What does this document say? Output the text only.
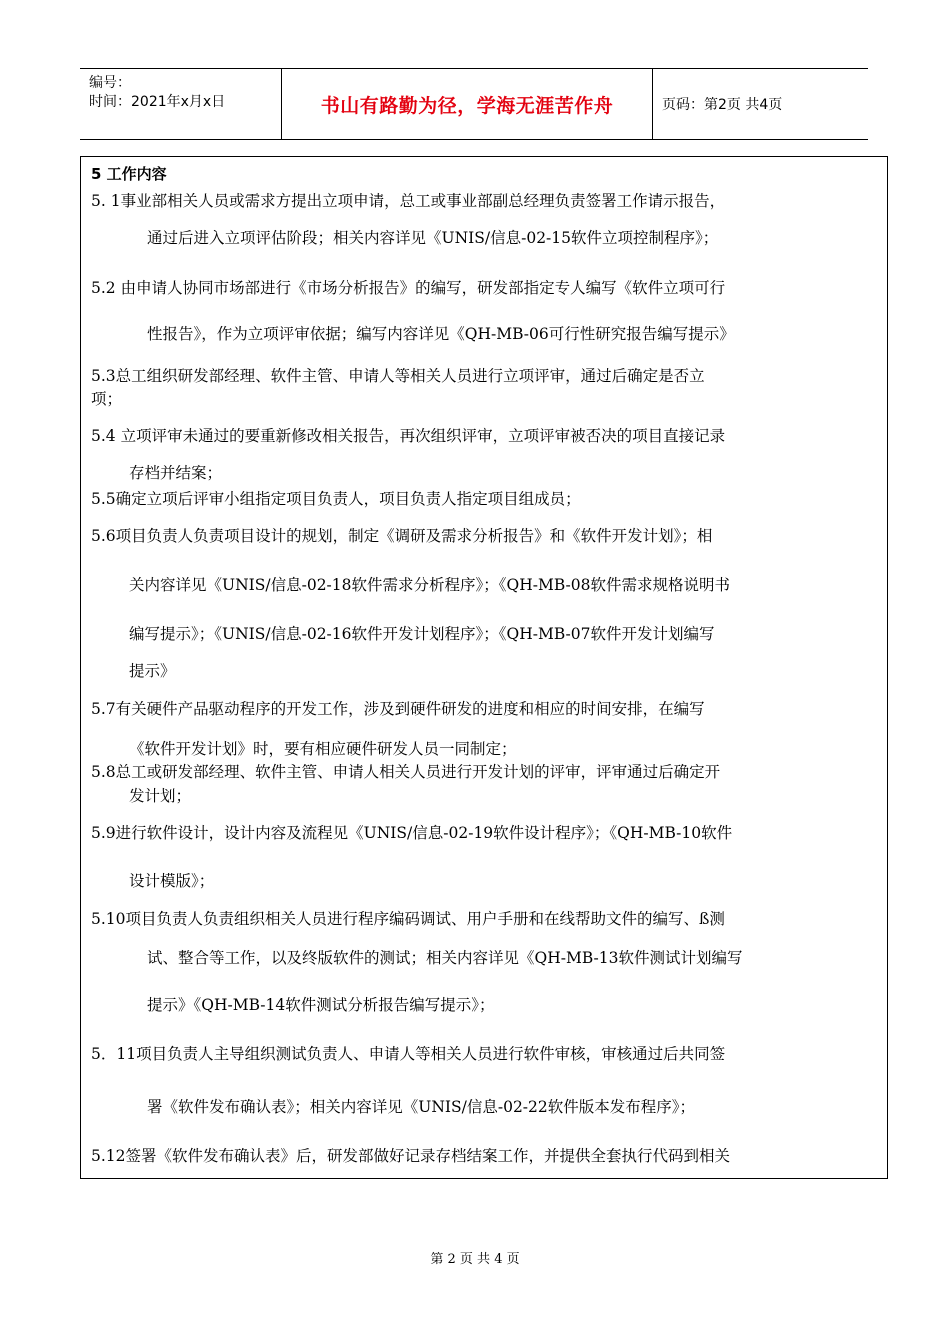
编号：
时间：2021年x月x日	书山有路勤为径，学海无涯苦作舟	页码：第2页 共4页
5 工作内容
5. 1事业部相关人员或需求方提出立项申请，总工或事业部副总经理负责签署工作请示报告，
通过后进入立项评估阶段；相关内容详见《UNIS/信息-02-15软件立项控制程序》；
5.2 由申请人协同市场部进行《市场分析报告》的编写，研发部指定专人编写《软件立项可行
性报告》，作为立项评审依据；编写内容详见《QH-MB-06可行性研究报告编写提示》
5.3总工组织研发部经理、软件主管、申请人等相关人员进行立项评审，通过后确定是否立
项；
5.4 立项评审未通过的要重新修改相关报告，再次组织评审，立项评审被否决的项目直接记录
存档并结案；
5.5确定立项后评审小组指定项目负责人，项目负责人指定项目组成员；
5.6项目负责人负责项目设计的规划，制定《调研及需求分析报告》和《软件开发计划》；相
关内容详见《UNIS/信息-02-18软件需求分析程序》；《QH-MB-08软件需求规格说明书
编写提示》；《UNIS/信息-02-16软件开发计划程序》；《QH-MB-07软件开发计划编写
提示》
5.7有关硬件产品驱动程序的开发工作，涉及到硬件研发的进度和相应的时间安排，在编写
《软件开发计划》时，要有相应硬件研发人员一同制定；
5.8总工或研发部经理、软件主管、申请人相关人员进行开发计划的评审，评审通过后确定开
发计划；
5.9进行软件设计，设计内容及流程见《UNIS/信息-02-19软件设计程序》；《QH-MB-10软件
设计模版》；
5.10项目负责人负责组织相关人员进行程序编码调试、用户手册和在线帮助文件的编写、ß测
试、整合等工作，以及终版软件的测试；相关内容详见《QH-MB-13软件测试计划编写
提示》《QH-MB-14软件测试分析报告编写提示》；
5．11项目负责人主导组织测试负责人、申请人等相关人员进行软件审核，审核通过后共同签
署《软件发布确认表》；相关内容详见《UNIS/信息-02-22软件版本发布程序》；
5.12签署《软件发布确认表》后，研发部做好记录存档结案工作，并提供全套执行代码到相关
第 2 页 共 4 页
